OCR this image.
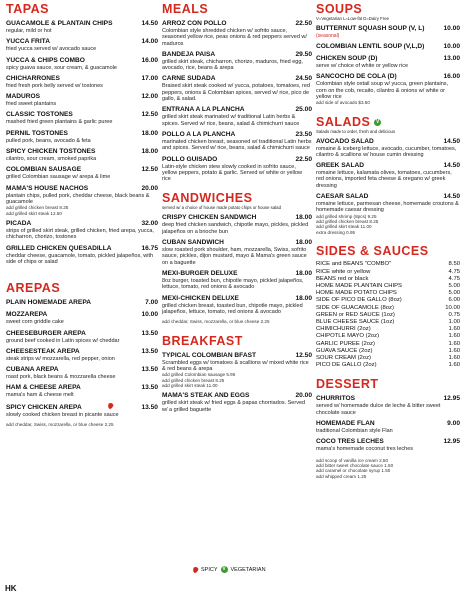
TAPAS
GUACAMOLE & PLANTAIN CHIPS	14.50
regular, mild or hot
YUCCA FRITA	14.00
fried yucca served w/ avocado sauce
YUCCA & CHIPS COMBO	16.00
spicy guava sauce, sour cream, & guacamole
CHICHARRONES	17.00
fried fresh pork belly served w/ tostones
MADUROS	12.00
fried sweet plantains
CLASSIC TOSTONES	12.50
mashed fried green plantains & garlic puree
PERNIL TOSTONES	18.00
pulled pork, beans, avocado & feta
SPICY CHICKEN TOSTONES	18.00
cilantro, sour cream, smoked paprika
COLOMBIAN SAUSAGE	12.50
grilled Colombian sausage w/ arepa & lime
MAMA'S HOUSE NACHOS	20.00
plantain chips, pulled pork, cheddar cheese, black beans & guacamole
add grilled chicken breast 8.25
add grilled skirt steak 12.50
PICADA	32.00
strips of grilled skirt steak, grilled chicken, fried arepa, yucca, chicharron, chorizo, tostones
GRILLED CHICKEN QUESADILLA	16.75
cheddar cheese, guacamole, tomato, pickled jalapeños, with side of chips or salad
AREPAS
PLAIN HOMEMADE AREPA	7.00
MOZZAREPA	10.00
sweet corn griddle cake
CHEESEBURGER AREPA	13.50
ground beef cooked in Latin spices w/ cheddar
CHEESESTEAK AREPA	13.50
steak strips w/ mozzarella, red pepper, onion
CUBANA AREPA	13.50
roast pork, black beans & mozzarella cheese
HAM & CHEESE AREPA	13.50
mama's ham & cheese melt
SPICY CHICKEN AREPA	13.50
slowly cooked chicken breast in picante sauce
add cheddar, Swiss, mozzarella, or blue cheese 2.25
MEALS
ARROZ CON POLLO	22.50
Colombian style shredded chicken w/ sofrito sauce, seasoned yellow rice, peas onions & red peppers served w/ maduros
BANDEJA PAISA	29.50
grilled skirt steak, chicharron, chorizo, maduros, fried egg, avocado, rice, beans & arepa
CARNE SUDADA	24.50
Braised skirt steak cooked w/ yucca, potatoes, tomatoes, red peppers, onions & Colombian spices, served w/ rice, pico de gallo, & salad.
ENTRANA A LA PLANCHA	25.00
grilled skirt steak marinated w/ traditional Latin herbs & spices. Served w/ rice, beans, salad & chimichurri sauce
POLLO A LA PLANCHA	23.50
marinated chicken breast, seasoned w/ traditional Latin herbs and spices. Served w/ rice, beans, salad & chimichurri sauce
POLLO GUISADO	22.50
Latin-style chicken stew slowly cooked in sofrito sauce, yellow peppers, potato & garlic. Served w/ white or yellow rice
SANDWICHES
served w/ a choice of house made potato chips or house salad
CRISPY CHICKEN SANDWICH	18.00
deep fried chicken sandwich, chipotle mayo, pickles, pickled jalapeños on a brioche bun
CUBAN SANDWICH	18.00
slow roasted pork shoulder, ham, mozzarella, Swiss, sofrito sauce, pickles, dijon mustard, mayo & Mama's green sauce on a baguette
MEXI-BURGER DELUXE	18.00
8oz burger, toasted bun, chipotle mayo, pickled jalapeños, lettuce, tomato, red onions & avocado
MEXI-CHICKEN DELUXE	18.00
grilled chicken breast, toasted bun, chipotle mayo, pickled jalapeños, lettuce, tomato, red onions & avocado
add cheddar, Swiss, mozzarella, or blue cheese 2.25
BREAKFAST
TYPICAL COLOMBIAN BFAST	12.50
Scrambled eggs w/ tomatoes & scallions w/ mixed white rice & red beans & arepa
add grilled Colombian sausage 5.95
add grilled chicken breast 8.25
add grilled skirt steak 11.00
MAMA'S STEAK AND EGGS	20.00
grilled skirt steak w/ fried eggs & papas chorriados. Served w/ a grilled baguette
SOUPS
V=Vegetarian L=Low-fat D=Dairy Free
BUTTERNUT SQUASH SOUP (V, L)	10.00
(seasonal)
COLOMBIAN LENTIL SOUP (V,L,D)	10.00
CHICKEN SOUP (D)	13.00
serve w/ choice of white or yellow rice
SANCOCHO DE COLA (D)	16.00
Colombian style oxtail soup w/ yucca, green plantains, corn on the cob, recaito, cilantro & onions w/ white or yellow rice
add side of avocado $3.50
SALADS V
Salads made to order, fresh and delicious
AVOCADO SALAD	14.50
romaine & iceberg lettuce, avocado, cucumber, tomatoes, cilantro & scallions w/ house cumin dressing
GREEK SALAD	14.50
romaine lettuce, kalamata olives, tomatoes, cucumbers, red onions, imported feta cheese & oregano w/ greek dressing
CAESAR SALAD	14.50
romaine lettuce, parmesan cheese, homemade croutons & homemade caesar dressing
add grilled shrimp (8pcs) 9.25
add grilled chicken breast 8.25
add grilled skirt steak 11.00
extra dressing 0.95
SIDES & SAUCES
RICE and BEANS "COMBO"	8.50
RICE white or yellow	4.75
BEANS red or black	4.75
HOME MADE PLANTAIN CHIPS	5.00
HOME MADE POTATO CHIPS	5.00
SIDE OF PICO DE GALLO (8oz)	6.00
SIDE OF GUACAMOLE (8oz)	10.00
GREEN or RED SAUCE (1oz)	0.75
BLUE CHEESE SAUCE (1oz)	1.00
CHIMICHURRI (2oz)	1.60
CHIPOTLE MAYO (2oz)	1.60
GARLIC PUREE (2oz)	1.60
GUAVA SAUCE (2oz)	1.60
SOUR CREAM (2oz)	1.60
PICO DE GALLO (2oz)	1.60
DESSERT
CHURRITOS	12.95
served w/ homemade dulce de leche & bitter sweet chocolate sauce
HOMEMADE FLAN	9.00
traditional Colombian style Flan
COCO TRES LECHES	12.95
mama's homemade coconut tres leches
add scoop of vanilla ice cream 2.50
add bitter sweet chocolate sauce 1.50
add caramel or chocolate syrup 1.50
add whipped cream 1.25
SPICY V VEGETARIAN
HK
